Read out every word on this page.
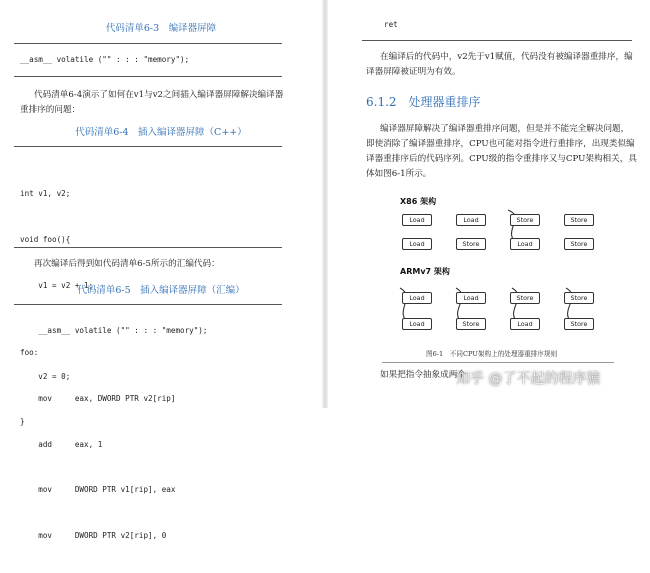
代码清单6-3　编译器屏障
__asm__ volatile ("" : : : "memory");
代码清单6-4演示了如何在v1与v2之间插入编译器屏障解决编译器
重排序的问题：
代码清单6-4　插入编译器屏障（C++）

int v1, v2;

void foo(){

v1 = v2 + 1;

__asm__ volatile ("" : : : "memory");

v2 = 0;

}

再次编译后得到如代码清单6-5所示的汇编代码：
代码清单6-5　插入编译器屏障（汇编）

foo:

mov     eax, DWORD PTR v2[rip]

add     eax, 1

mov     DWORD PTR v1[rip], eax

mov     DWORD PTR v2[rip], 0

ret
在编译后的代码中，v2先于v1赋值，代码没有被编译器重排序，编
译器屏障被证明为有效。
6.1.2　处理器重排序
编译器屏障解决了编译器重排序问题，但是并不能完全解决问题，
即使消除了编译器重排序，CPU也可能对指令进行重排序，出现类似编
译器重排序后的代码序列。CPU级的指令重排序又与CPU架构相关，具
体如图6-1所示。
X86 架构
Load	Load	Store	Store
Load	Store	Load	Store
ARMv7 架构
Load	Load	Store	Store
Load	Store	Load	Store
图6-1　不同CPU架构上的处理器重排序规则
如果把指令抽象成两个
知乎 @了不起的程序猿
